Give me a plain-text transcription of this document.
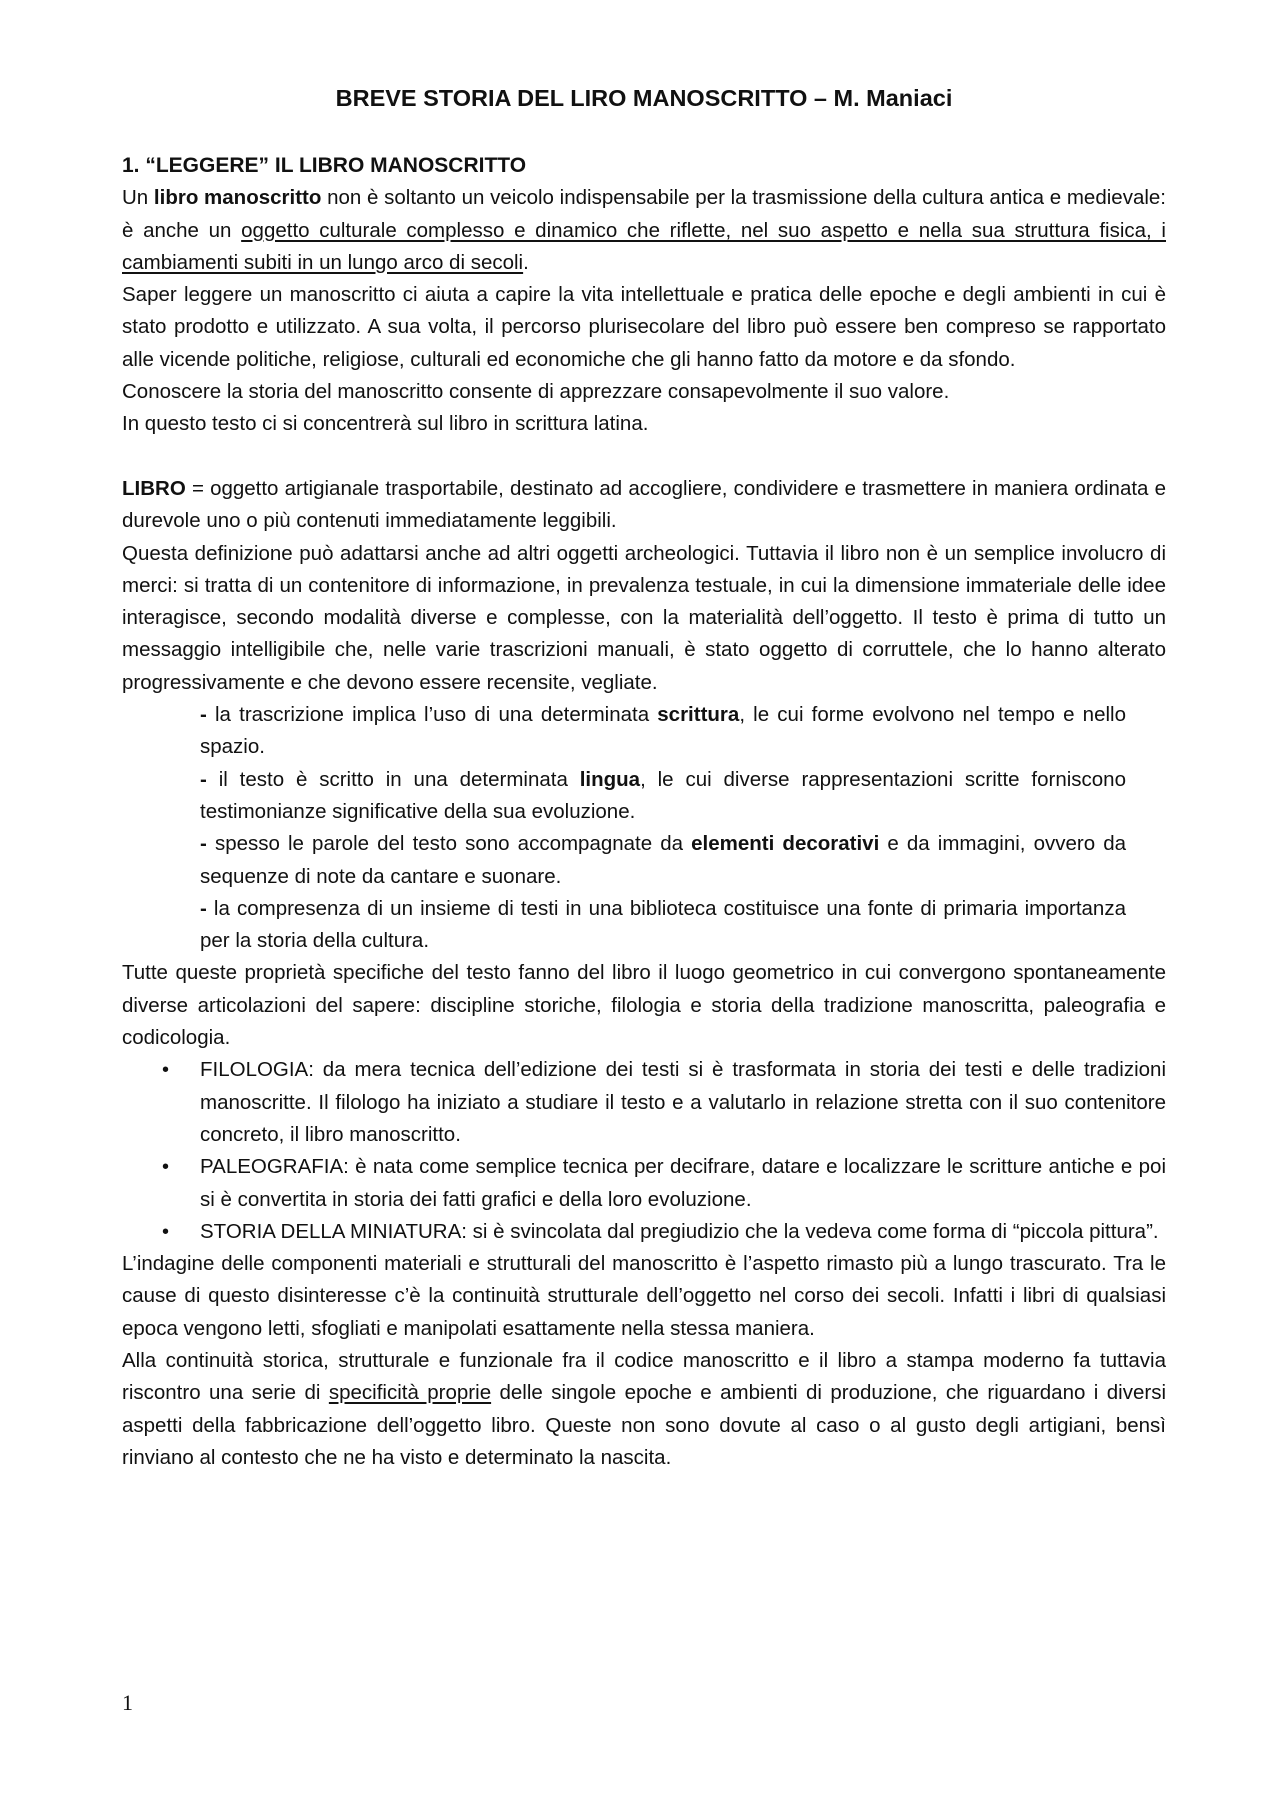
BREVE STORIA DEL LIRO MANOSCRITTO – M. Maniaci

1. “LEGGERE” IL LIBRO MANOSCRITTO

Un libro manoscritto non è soltanto un veicolo indispensabile per la trasmissione della cultura antica e medievale: è anche un oggetto culturale complesso e dinamico che riflette, nel suo aspetto e nella sua struttura fisica, i cambiamenti subiti in un lungo arco di secoli.

Saper leggere un manoscritto ci aiuta a capire la vita intellettuale e pratica delle epoche e degli ambienti in cui è stato prodotto e utilizzato. A sua volta, il percorso plurisecolare del libro può essere ben compreso se rapportato alle vicende politiche, religiose, culturali ed economiche che gli hanno fatto da motore e da sfondo.

Conoscere la storia del manoscritto consente di apprezzare consapevolmente il suo valore.

In questo testo ci si concentrerà sul libro in scrittura latina.

LIBRO = oggetto artigianale trasportabile, destinato ad accogliere, condividere e trasmettere in maniera ordinata e durevole uno o più contenuti immediatamente leggibili.

Questa definizione può adattarsi anche ad altri oggetti archeologici. Tuttavia il libro non è un semplice involucro di merci: si tratta di un contenitore di informazione, in prevalenza testuale, in cui la dimensione immateriale delle idee interagisce, secondo modalità diverse e complesse, con la materialità dell’oggetto. Il testo è prima di tutto un messaggio intelligibile che, nelle varie trascrizioni manuali, è stato oggetto di corruttele, che lo hanno alterato progressivamente e che devono essere recensite, vegliate.

- la trascrizione implica l’uso di una determinata scrittura, le cui forme evolvono nel tempo e nello spazio.

- il testo è scritto in una determinata lingua, le cui diverse rappresentazioni scritte forniscono testimonianze significative della sua evoluzione.

- spesso le parole del testo sono accompagnate da elementi decorativi e da immagini, ovvero da sequenze di note da cantare e suonare.

- la compresenza di un insieme di testi in una biblioteca costituisce una fonte di primaria importanza per la storia della cultura.

Tutte queste proprietà specifiche del testo fanno del libro il luogo geometrico in cui convergono spontaneamente diverse articolazioni del sapere: discipline storiche, filologia e storia della tradizione manoscritta, paleografia e codicologia.

• FILOLOGIA: da mera tecnica dell’edizione dei testi si è trasformata in storia dei testi e delle tradizioni manoscritte. Il filologo ha iniziato a studiare il testo e a valutarlo in relazione stretta con il suo contenitore concreto, il libro manoscritto.
• PALEOGRAFIA: è nata come semplice tecnica per decifrare, datare e localizzare le scritture antiche e poi si è convertita in storia dei fatti grafici e della loro evoluzione.
• STORIA DELLA MINIATURA: si è svincolata dal pregiudizio che la vedeva come forma di “piccola pittura”.

L’indagine delle componenti materiali e strutturali del manoscritto è l’aspetto rimasto più a lungo trascurato. Tra le cause di questo disinteresse c’è la continuità strutturale dell’oggetto nel corso dei secoli. Infatti i libri di qualsiasi epoca vengono letti, sfogliati e manipolati esattamente nella stessa maniera.

Alla continuità storica, strutturale e funzionale fra il codice manoscritto e il libro a stampa moderno fa tuttavia riscontro una serie di specificità proprie delle singole epoche e ambienti di produzione, che riguardano i diversi aspetti della fabbricazione dell’oggetto libro. Queste non sono dovute al caso o al gusto degli artigiani, bensì rinviano al contesto che ne ha visto e determinato la nascita.

1
